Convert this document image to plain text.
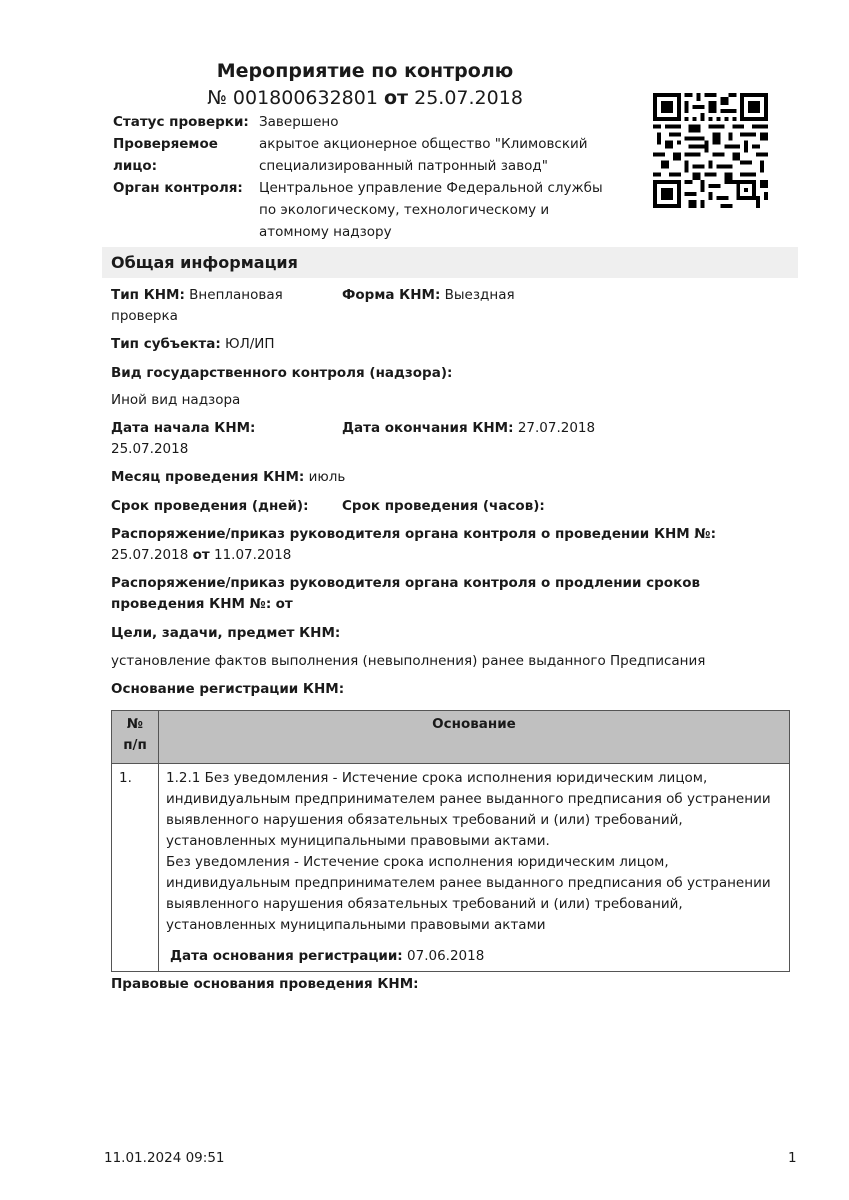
Мероприятие по контролю
№ 001800632801 от 25.07.2018
Статус проверки: Завершено
Проверяемое лицо:
акрытое акционерное общество "Климовский специализированный патронный завод"
Орган контроля:	Центральное управление Федеральной службы по экологическому, технологическому и атомному надзору
Общая информация
Тип КНМ: Внеплановая проверка
Форма КНМ: Выездная
Тип субъекта: ЮЛ/ИП
Вид государственного контроля (надзора):
Иной вид надзора
Дата начала КНМ:
25.07.2018
Дата окончания КНМ: 27.07.2018
Месяц проведения КНМ: июль
Срок проведения (дней): Срок проведения (часов):
Распоряжение/приказ руководителя органа контроля о проведении КНМ №: 25.07.2018 от 11.07.2018
Распоряжение/приказ руководителя органа контроля о продлении сроков проведения КНМ №: от
Цели, задачи, предмет КНМ:
установление фактов выполнения (невыполнения) ранее выданного Предписания
Основание регистрации КНМ:
№ п/п	Основание
1.	1.2.1 Без уведомления - Истечение срока исполнения юридическим лицом, индивидуальным предпринимателем ранее выданного предписания об устранении выявленного нарушения обязательных требований и (или) требований, установленных муниципальными правовыми актами.
Без уведомления - Истечение срока исполнения юридическим лицом, индивидуальным предпринимателем ранее выданного предписания об устранении выявленного нарушения обязательных требований и (или) требований, установленных муниципальными правовыми актами
Дата основания регистрации: 07.06.2018
Правовые основания проведения КНМ:
11.01.2024 09:51	1
